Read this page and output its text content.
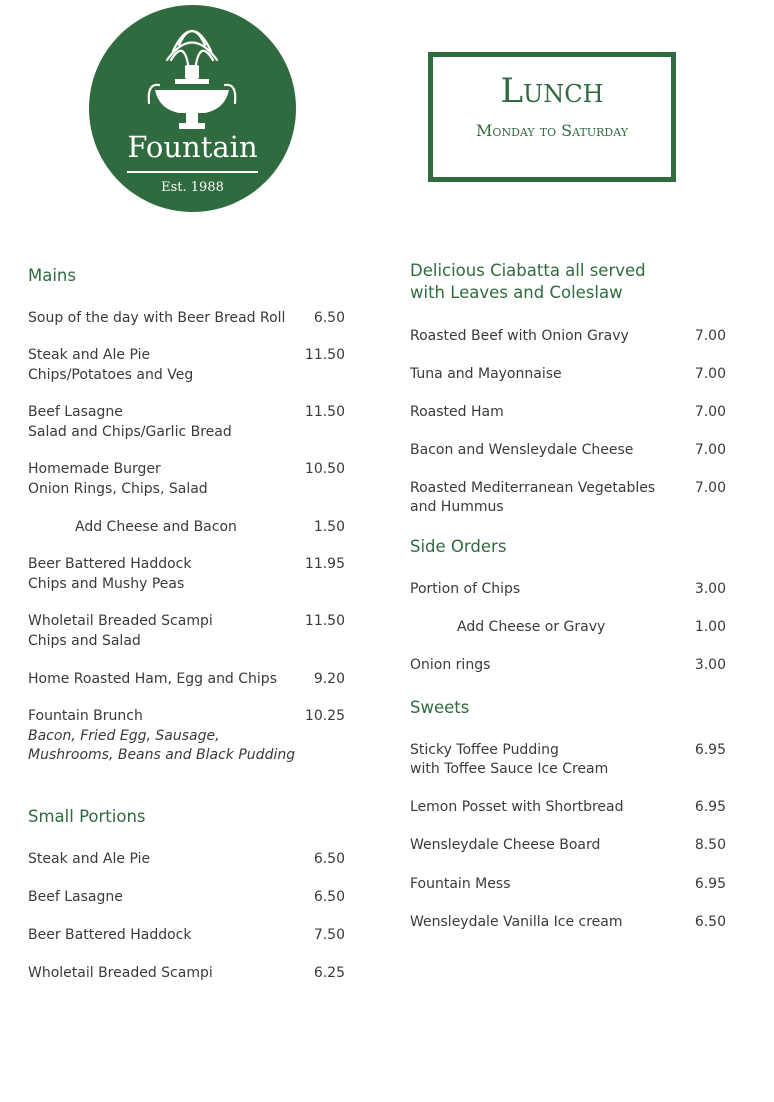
Fountain
Est. 1988
Lunch
Monday to Saturday
Mains
Soup of the day with Beer Bread Roll	6.50
Steak and Ale Pie
Chips/Potatoes and Veg
11.50
Beef Lasagne
Salad and Chips/Garlic Bread
11.50
Homemade Burger
Onion Rings, Chips, Salad
10.50
Add Cheese and Bacon	1.50
Beer Battered Haddock
Chips and Mushy Peas
11.95
Wholetail Breaded Scampi
Chips and Salad
11.50
Home Roasted Ham, Egg and Chips	9.20
Fountain Brunch
Bacon, Fried Egg, Sausage,
Mushrooms, Beans and Black Pudding
10.25
Small Portions
Steak and Ale Pie	6.50
Beef Lasagne	6.50
Beer Battered Haddock	7.50
Wholetail Breaded Scampi	6.25
Delicious Ciabatta all served
with Leaves and Coleslaw
Roasted Beef with Onion Gravy	7.00
Tuna and Mayonnaise	7.00
Roasted Ham	7.00
Bacon and Wensleydale Cheese	7.00
Roasted Mediterranean Vegetables
and Hummus
7.00
Side Orders
Portion of Chips	3.00
Add Cheese or Gravy	1.00
Onion rings	3.00
Sweets
Sticky Toffee Pudding
with Toffee Sauce Ice Cream
6.95
Lemon Posset with Shortbread	6.95
Wensleydale Cheese Board	8.50
Fountain Mess	6.95
Wensleydale Vanilla Ice cream	6.50
